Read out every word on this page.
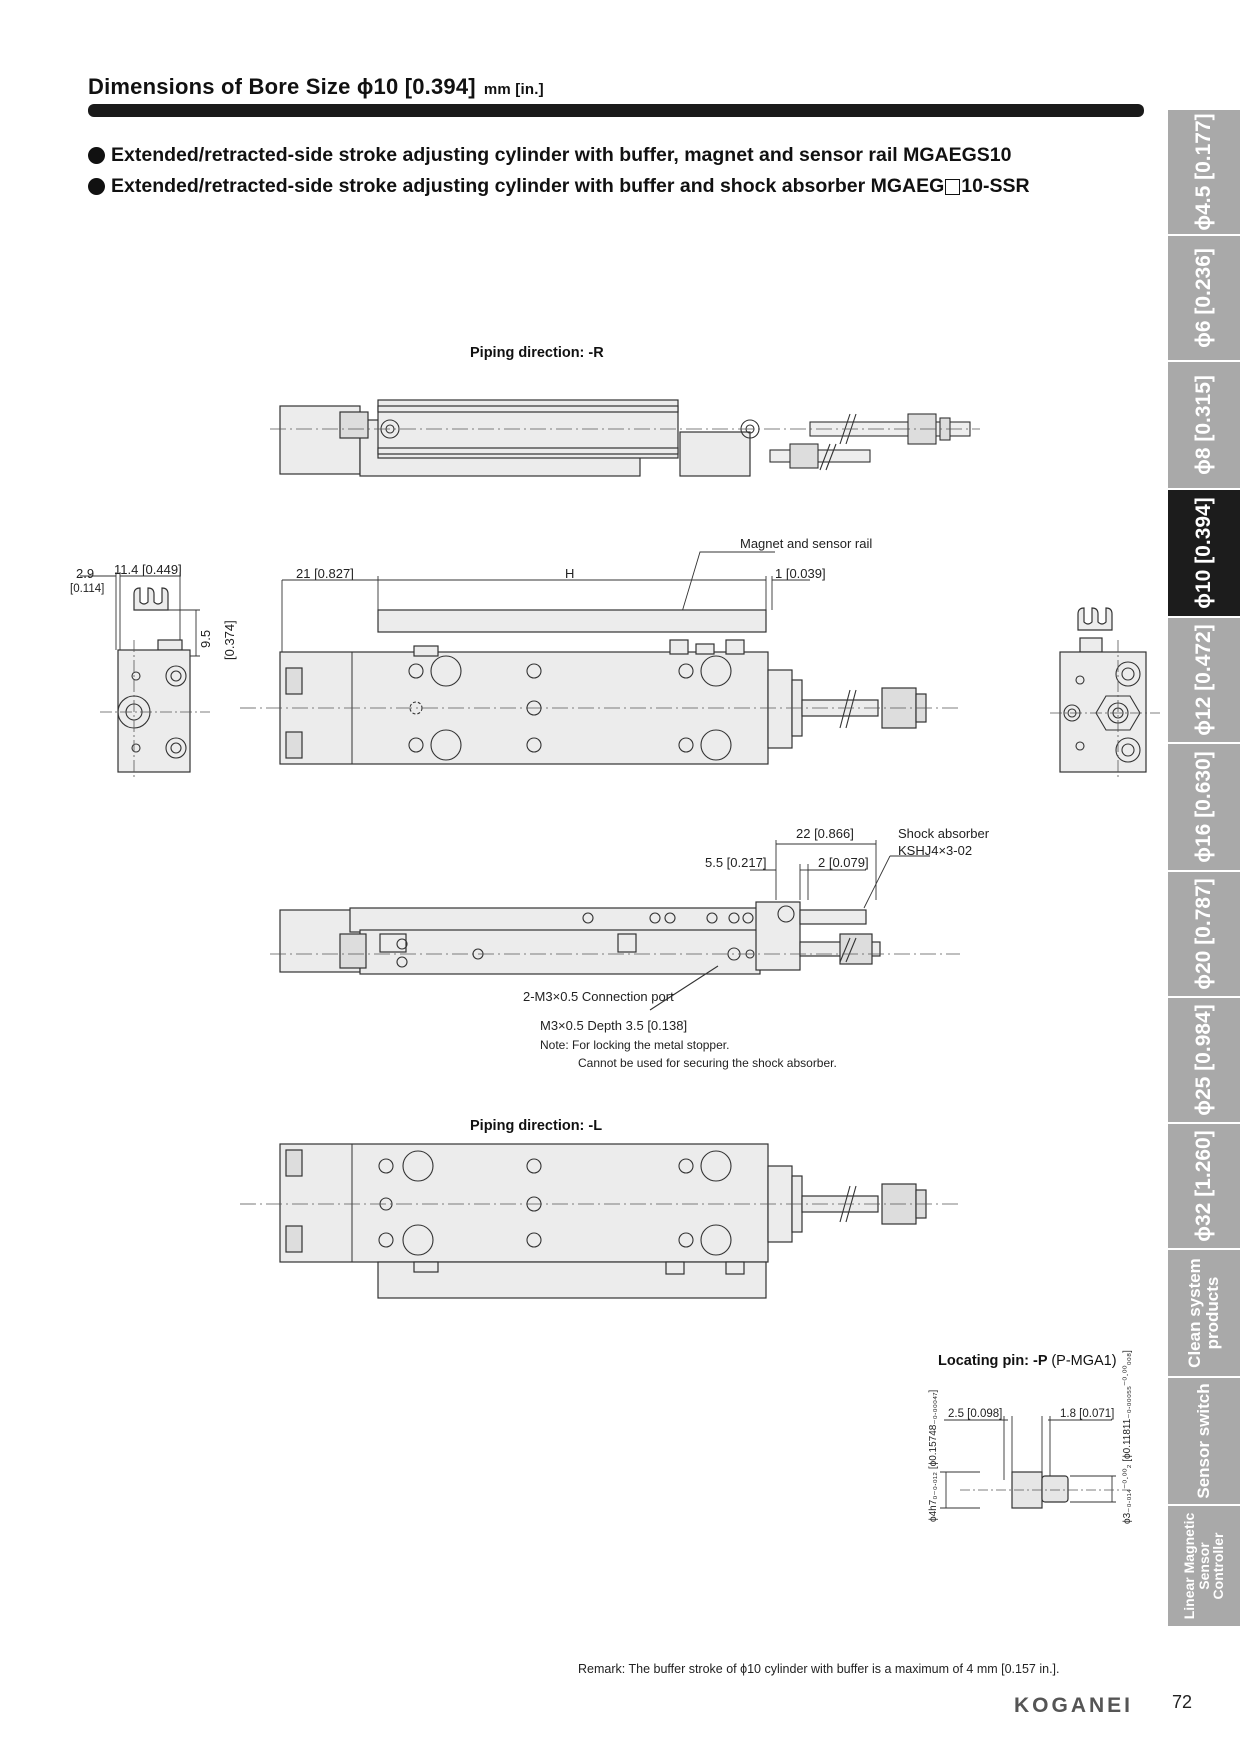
Dimensions of Bore Size ϕ10 [0.394] mm [in.]
Extended/retracted-side stroke adjusting cylinder with buffer, magnet and sensor rail MGAEGS10
Extended/retracted-side stroke adjusting cylinder with buffer and shock absorber MGAEG 10-SSR	ϕ4.5 [0.177]
ϕ6 [0.236]
ϕ8 [0.315]
ϕ10 [0.394]
ϕ12 [0.472]
ϕ16 [0.630]
ϕ20 [0.787]
ϕ25 [0.984]
ϕ32 [1.260]
Clean system products
Sensor switch
Linear Magnetic Sensor Controller
Piping direction: -R
Magnet and sensor rail
21 [0.827]	H	1 [0.039]
2.9
[0.114]
11.4 [0.449]
9.5 [0.374]
22 [0.866]
5.5 [0.217]	2 [0.079]
Shock absorber
KSHJ4×3-02
2-M3×0.5 Connection port
M3×0.5 Depth 3.5 [0.138]
Note: For locking the metal stopper.
Cannot be used for securing the shock absorber.
Piping direction: -L
Locating pin: -P (P-MGA1)
2.5 [0.098]	1.8 [0.071]
ϕ4h7₀₋₀.₀₁₂ [ϕ0.15748₋₀.₀₀₀₄₇]	ϕ3₋₀.₀₁₄⁻⁰·⁰⁰₂ [ϕ0.11811₋₀.₀₀₀₅₅⁻⁰·⁰⁰₀₀₈]
Remark: The buffer stroke of ϕ10 cylinder with buffer is a maximum of 4 mm [0.157 in.].
KOGANEI 72
